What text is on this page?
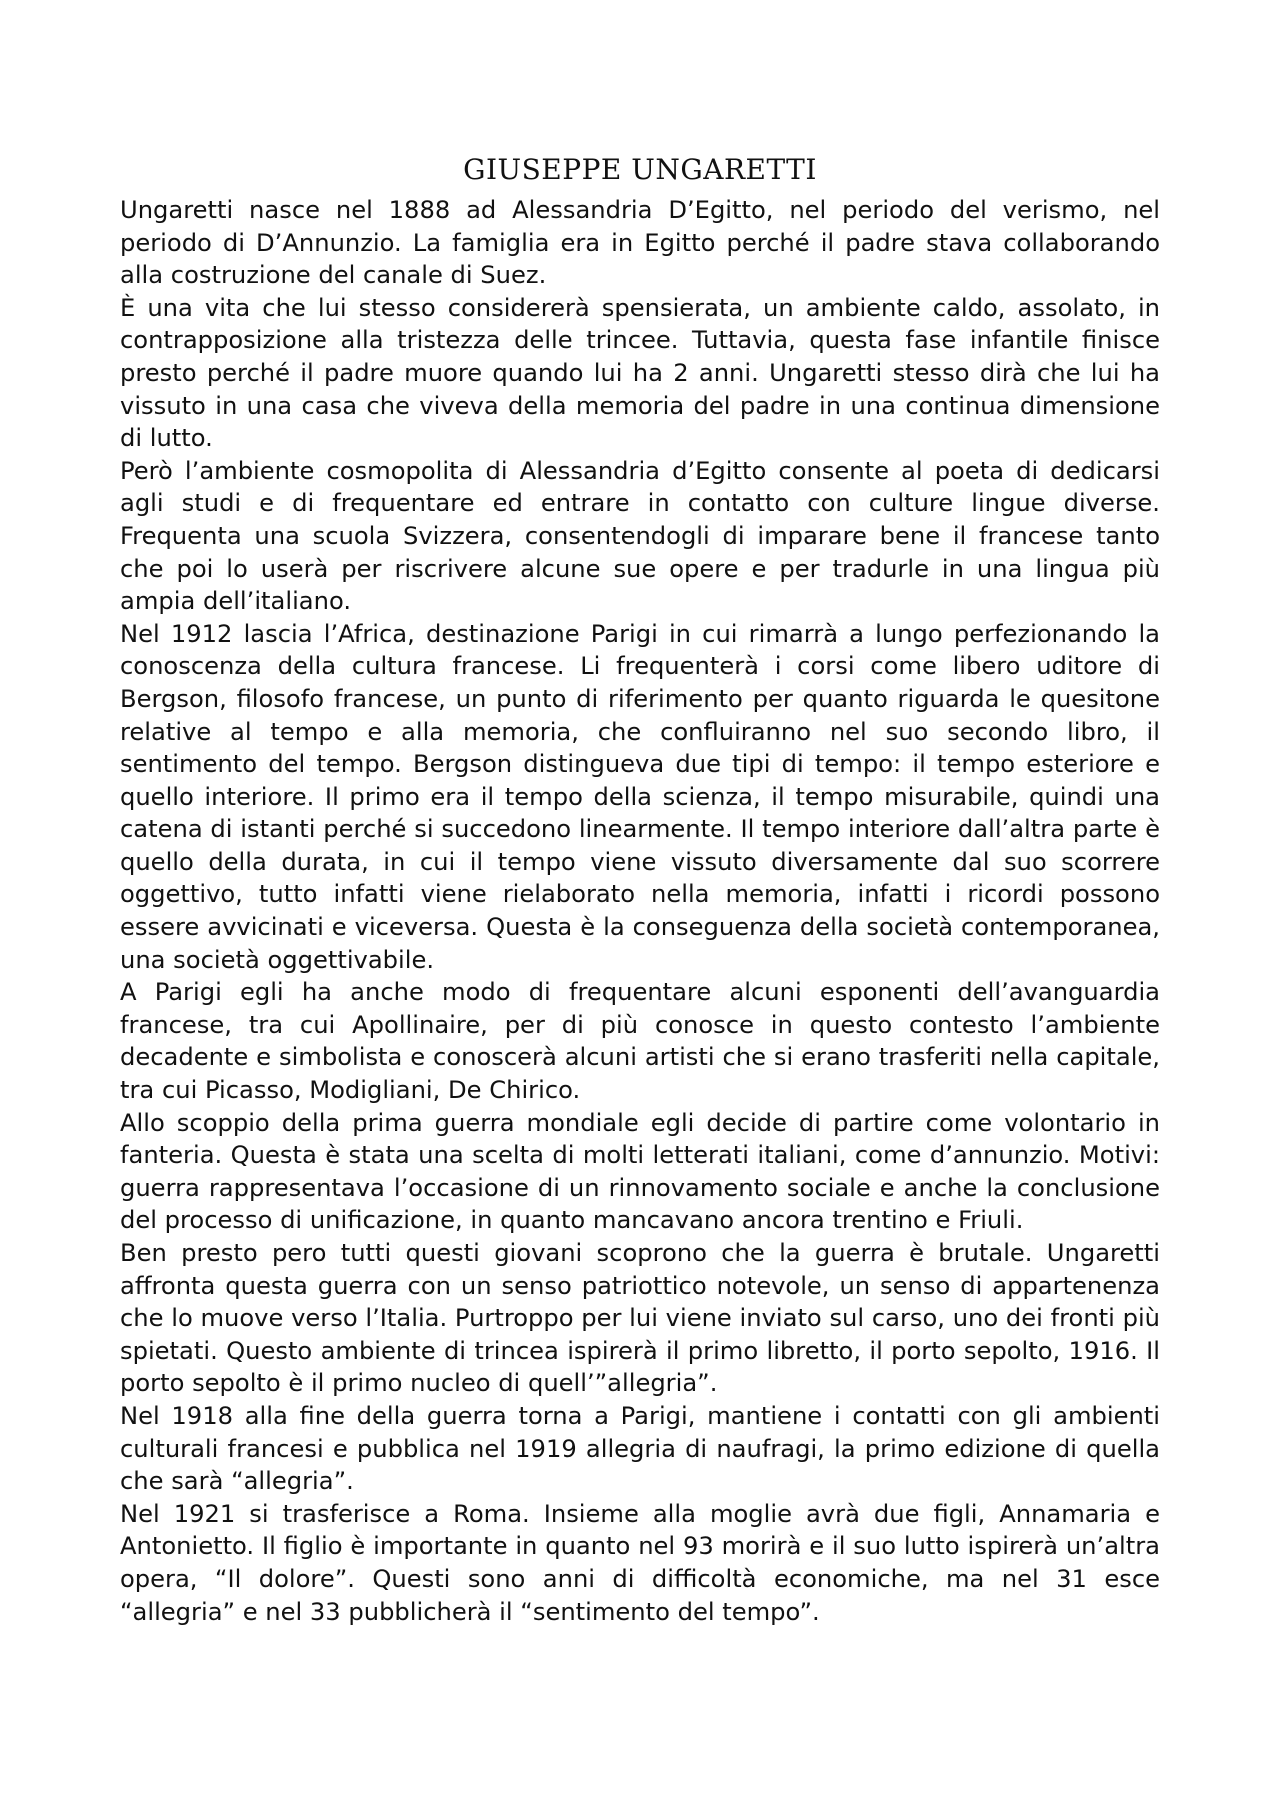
GIUSEPPE UNGARETTI

Ungaretti nasce nel 1888 ad Alessandria D’Egitto, nel periodo del verismo, nel periodo di D’Annunzio. La famiglia era in Egitto perché il padre stava collaborando alla costruzione del canale di Suez.

È una vita che lui stesso considererà spensierata, un ambiente caldo, assolato, in contrapposizione alla tristezza delle trincee. Tuttavia, questa fase infantile finisce presto perché il padre muore quando lui ha 2 anni. Ungaretti stesso dirà che lui ha vissuto in una casa che viveva della memoria del padre in una continua dimensione di lutto.

Però l’ambiente cosmopolita di Alessandria d’Egitto consente al poeta di dedicarsi agli studi e di frequentare ed entrare in contatto con culture lingue diverse. Frequenta una scuola Svizzera, consentendogli di imparare bene il francese tanto che poi lo userà per riscrivere alcune sue opere e per tradurle in una lingua più ampia dell’italiano.

Nel 1912 lascia l’Africa, destinazione Parigi in cui rimarrà a lungo perfezionando la conoscenza della cultura francese. Li frequenterà i corsi come libero uditore di Bergson, filosofo francese, un punto di riferimento per quanto riguarda le quesitone relative al tempo e alla memoria, che confluiranno nel suo secondo libro, il sentimento del tempo. Bergson distingueva due tipi di tempo: il tempo esteriore e quello interiore. Il primo era il tempo della scienza, il tempo misurabile, quindi una catena di istanti perché si succedono linearmente. Il tempo interiore dall’altra parte è quello della durata, in cui il tempo viene vissuto diversamente dal suo scorrere oggettivo, tutto infatti viene rielaborato nella memoria, infatti i ricordi possono essere avvicinati e viceversa. Questa è la conseguenza della società contemporanea, una società oggettivabile.

A Parigi egli ha anche modo di frequentare alcuni esponenti dell’avanguardia francese, tra cui Apollinaire, per di più conosce in questo contesto l’ambiente decadente e simbolista e conoscerà alcuni artisti che si erano trasferiti nella capitale, tra cui Picasso, Modigliani, De Chirico.

Allo scoppio della prima guerra mondiale egli decide di partire come volontario in fanteria. Questa è stata una scelta di molti letterati italiani, come d’annunzio. Motivi: guerra rappresentava l’occasione di un rinnovamento sociale e anche la conclusione del processo di unificazione, in quanto mancavano ancora trentino e Friuli.

Ben presto pero tutti questi giovani scoprono che la guerra è brutale. Ungaretti affronta questa guerra con un senso patriottico notevole, un senso di appartenenza che lo muove verso l’Italia. Purtroppo per lui viene inviato sul carso, uno dei fronti più spietati. Questo ambiente di trincea ispirerà il primo libretto, il porto sepolto, 1916. Il porto sepolto è il primo nucleo di quell’”allegria”.

Nel 1918 alla fine della guerra torna a Parigi, mantiene i contatti con gli ambienti culturali francesi e pubblica nel 1919 allegria di naufragi, la primo edizione di quella che sarà “allegria”.

Nel 1921 si trasferisce a Roma. Insieme alla moglie avrà due figli, Annamaria e Antonietto. Il figlio è importante in quanto nel 93 morirà e il suo lutto ispirerà un’altra opera, “Il dolore”. Questi sono anni di difficoltà economiche, ma nel 31 esce “allegria” e nel 33 pubblicherà il “sentimento del tempo”.
